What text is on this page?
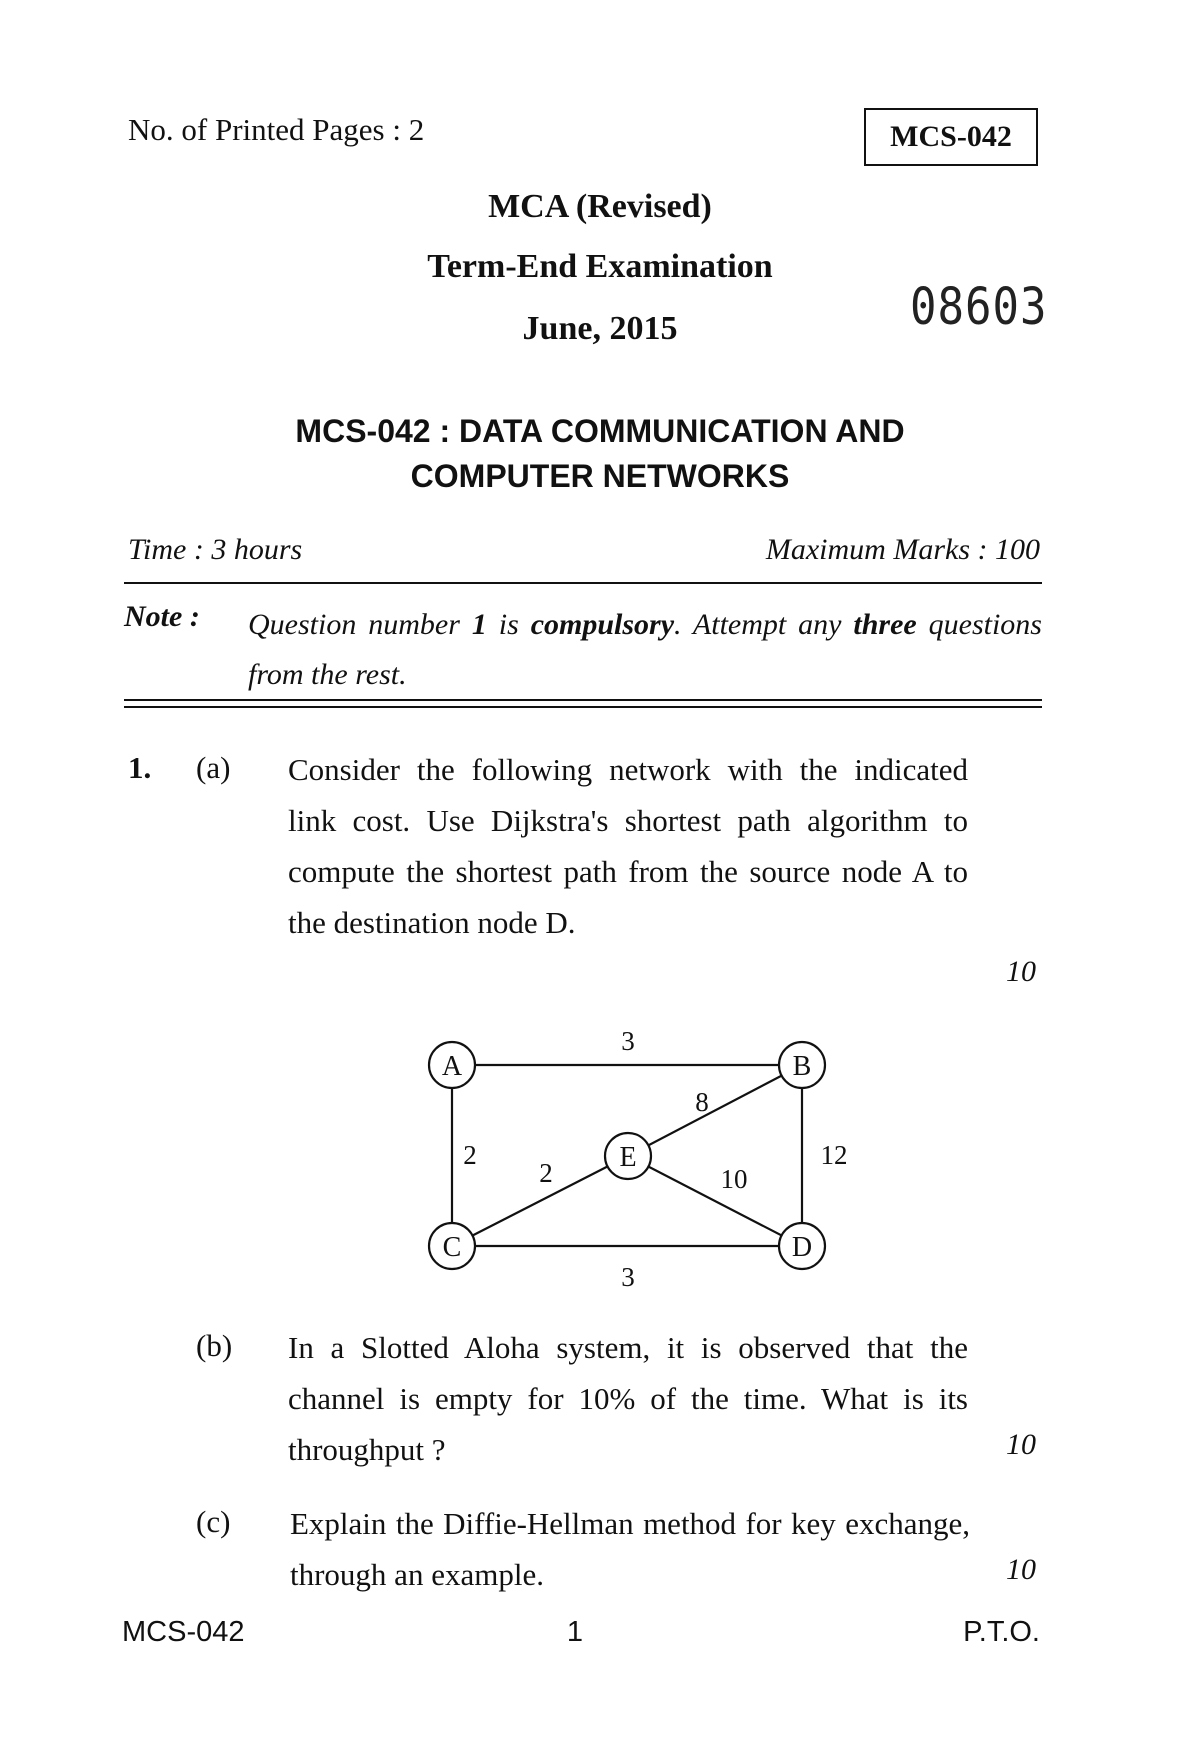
No. of Printed Pages : 2	MCS-042
MCA (Revised)
Term-End Examination
June, 2015	08603
MCS-042 : DATA COMMUNICATION AND
COMPUTER NETWORKS
Time : 3 hours	Maximum Marks : 100
Note : Question number 1 is compulsory. Attempt any three questions from the rest.
1. (a) Consider the following network with the indicated link cost. Use Dijkstra's shortest path algorithm to compute the shortest path from the source node A to the destination node D.
10
A	B
C	D
E
3
2
8
12
2	10
3
(b) In a Slotted Aloha system, it is observed that the channel is empty for 10% of the time. What is its throughput ?	10
(c) Explain the Diffie-Hellman method for key exchange, through an example.	10
MCS-042	1	P.T.O.
